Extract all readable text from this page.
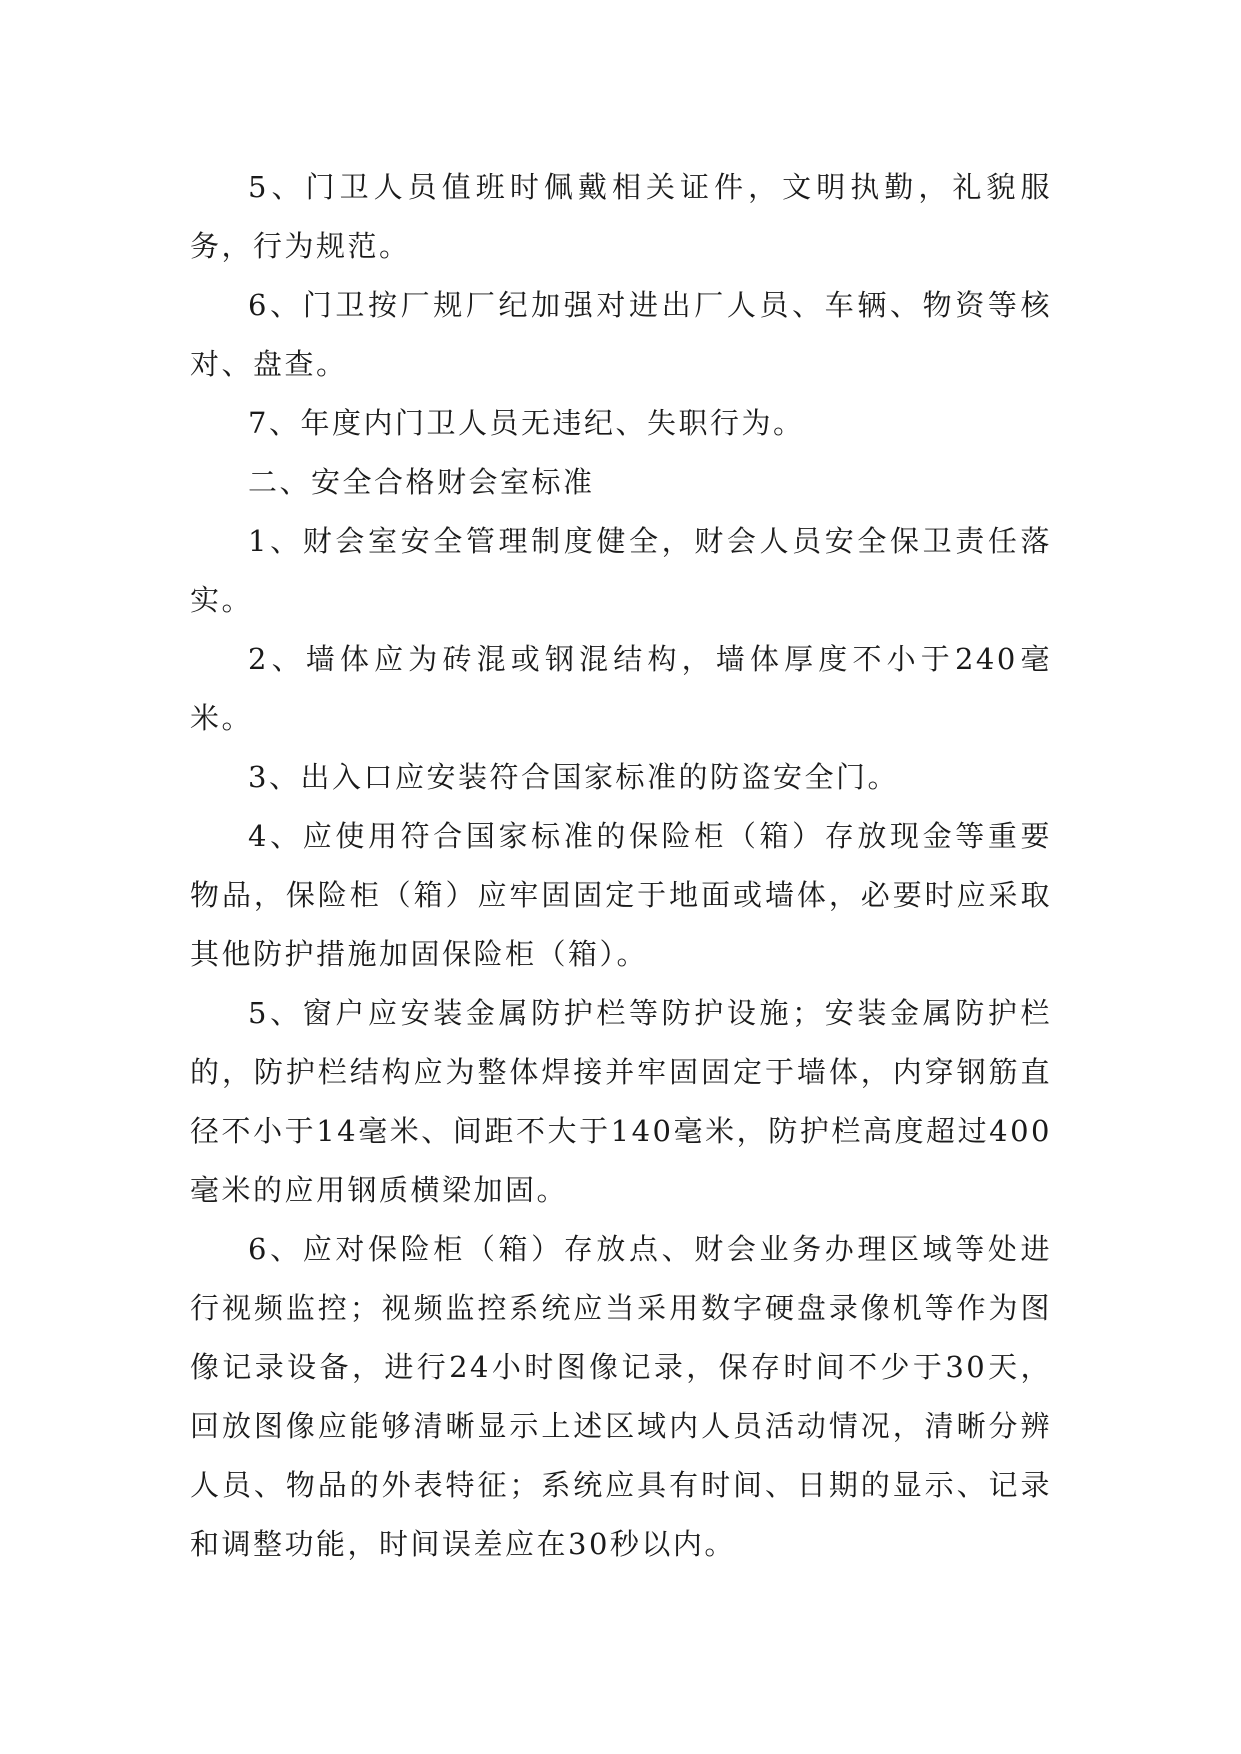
5、门卫人员值班时佩戴相关证件，文明执勤，礼貌服务，行为规范。

6、门卫按厂规厂纪加强对进出厂人员、车辆、物资等核对、盘查。

7、年度内门卫人员无违纪、失职行为。

二、安全合格财会室标准

1、财会室安全管理制度健全，财会人员安全保卫责任落实。

2、墙体应为砖混或钢混结构，墙体厚度不小于240毫米。

3、出入口应安装符合国家标准的防盗安全门。

4、应使用符合国家标准的保险柜（箱）存放现金等重要物品，保险柜（箱）应牢固固定于地面或墙体，必要时应采取其他防护措施加固保险柜（箱）。

5、窗户应安装金属防护栏等防护设施；安装金属防护栏的，防护栏结构应为整体焊接并牢固固定于墙体，内穿钢筋直径不小于14毫米、间距不大于140毫米，防护栏高度超过400毫米的应用钢质横梁加固。

6、应对保险柜（箱）存放点、财会业务办理区域等处进行视频监控；视频监控系统应当采用数字硬盘录像机等作为图像记录设备，进行24小时图像记录，保存时间不少于30天，回放图像应能够清晰显示上述区域内人员活动情况，清晰分辨人员、物品的外表特征；系统应具有时间、日期的显示、记录和调整功能，时间误差应在30秒以内。
